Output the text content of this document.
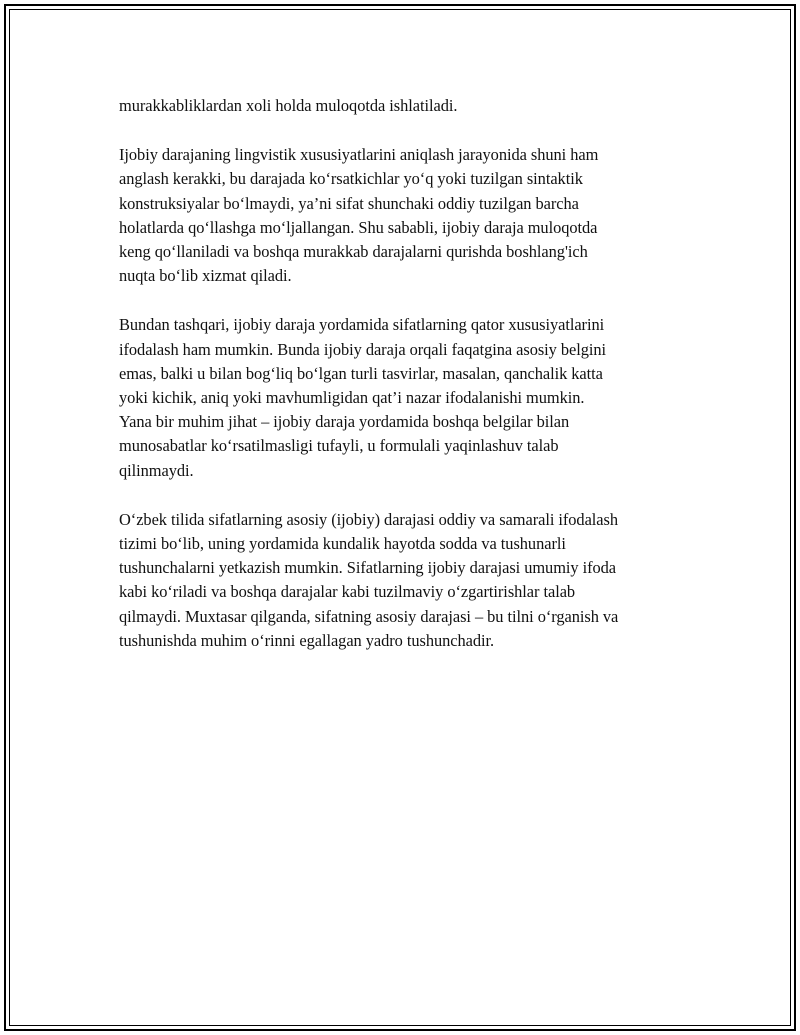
murakkabliklardan xoli holda muloqotda ishlatiladi.

Ijobiy darajaning lingvistik xususiyatlarini aniqlash jarayonida shuni ham
anglash kerakki, bu darajada koʻrsatkichlar yoʻq yoki tuzilgan sintaktik
konstruksiyalar boʻlmaydi, ya’ni sifat shunchaki oddiy tuzilgan barcha
holatlarda qoʻllashga moʻljallangan. Shu sababli, ijobiy daraja muloqotda
keng qoʻllaniladi va boshqa murakkab darajalarni qurishda boshlang'ich
nuqta boʻlib xizmat qiladi.

Bundan tashqari, ijobiy daraja yordamida sifatlarning qator xususiyatlarini
ifodalash ham mumkin. Bunda ijobiy daraja orqali faqatgina asosiy belgini
emas, balki u bilan bogʻliq boʻlgan turli tasvirlar, masalan, qanchalik katta
yoki kichik, aniq yoki mavhumligidan qat’i nazar ifodalanishi mumkin.
Yana bir muhim jihat – ijobiy daraja yordamida boshqa belgilar bilan
munosabatlar koʻrsatilmasligi tufayli, u formulali yaqinlashuv talab
qilinmaydi.

Oʻzbek tilida sifatlarning asosiy (ijobiy) darajasi oddiy va samarali ifodalash
tizimi boʻlib, uning yordamida kundalik hayotda sodda va tushunarli
tushunchalarni yetkazish mumkin. Sifatlarning ijobiy darajasi umumiy ifoda
kabi koʻriladi va boshqa darajalar kabi tuzilmaviy oʻzgartirishlar talab
qilmaydi. Muxtasar qilganda, sifatning asosiy darajasi – bu tilni oʻrganish va
tushunishda muhim oʻrinni egallagan yadro tushunchadir.
